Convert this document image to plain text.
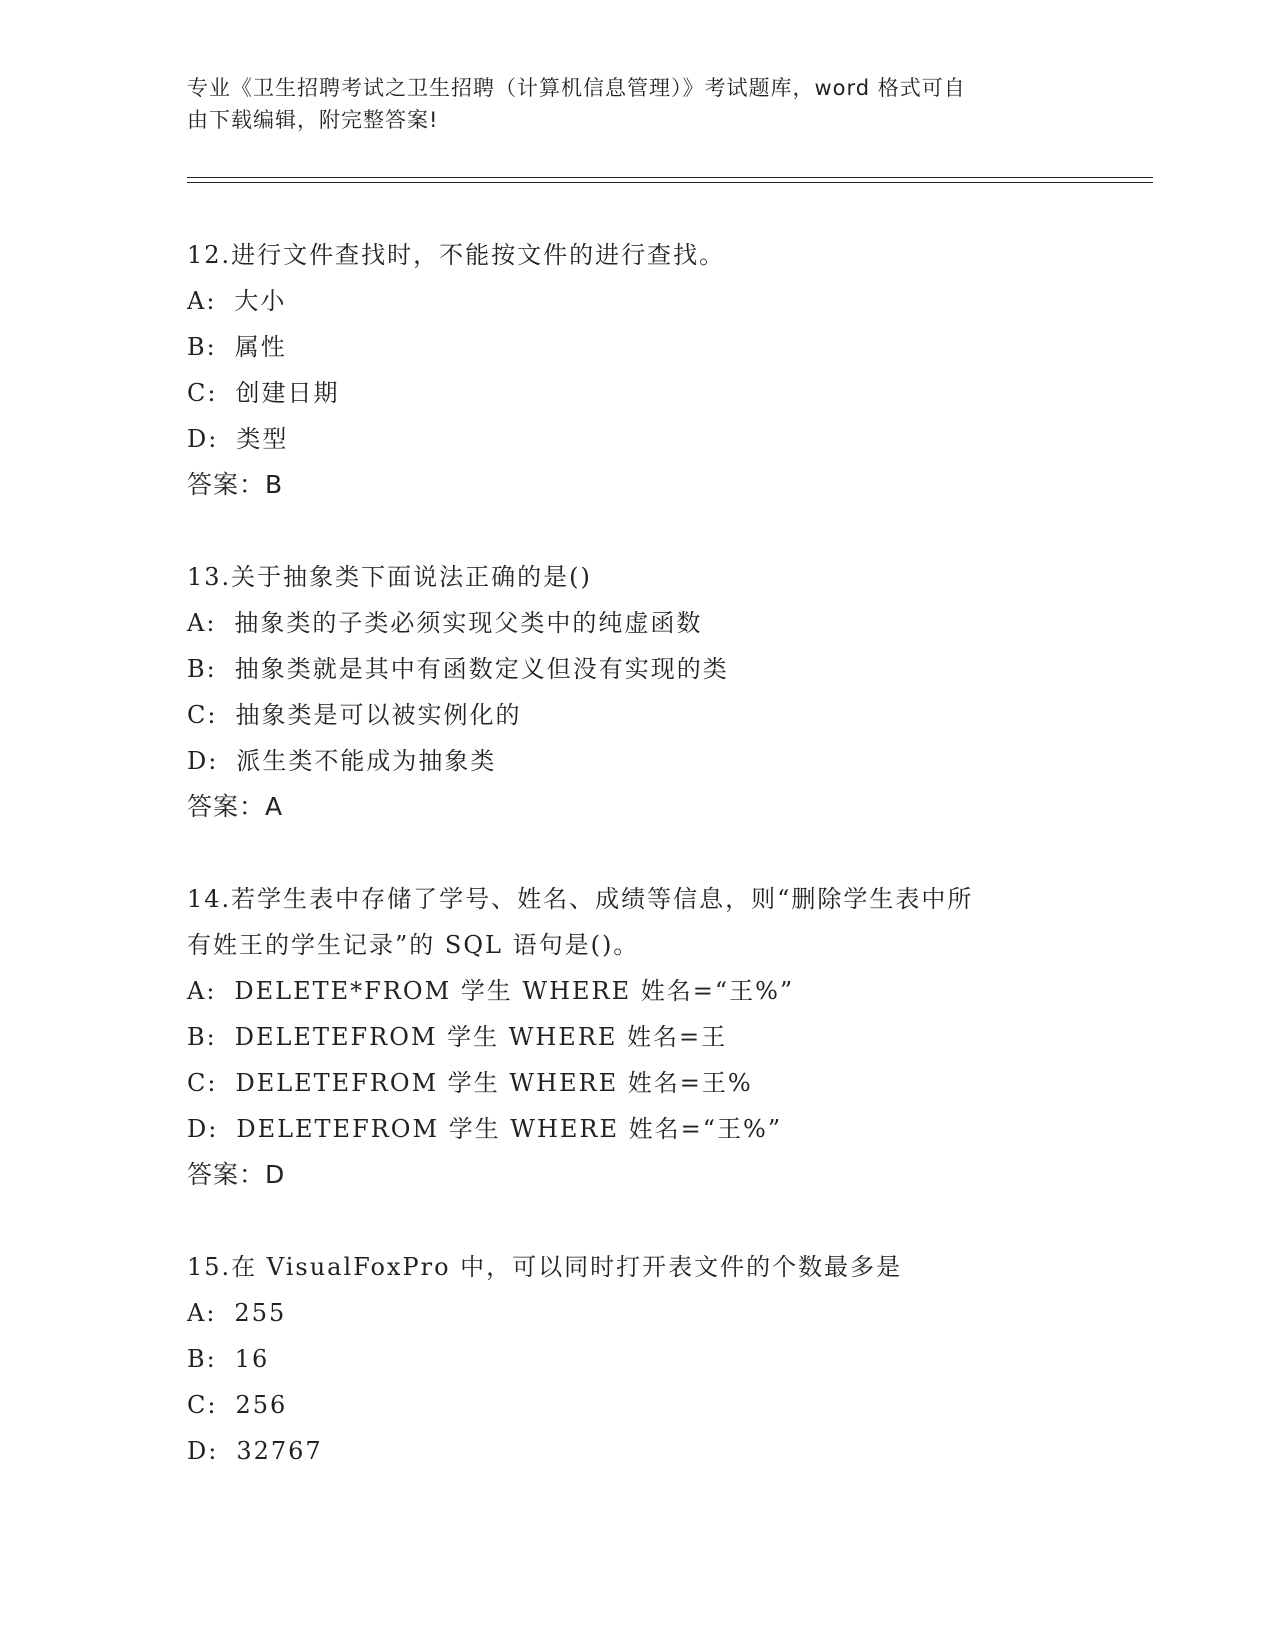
专业《卫生招聘考试之卫生招聘（计算机信息管理）》考试题库，word 格式可自
由下载编辑，附完整答案!
12.进行文件查找时，不能按文件的进行查找。
A: 大小
B: 属性
C: 创建日期
D: 类型
答案：B
13.关于抽象类下面说法正确的是()
A: 抽象类的子类必须实现父类中的纯虚函数
B: 抽象类就是其中有函数定义但没有实现的类
C: 抽象类是可以被实例化的
D: 派生类不能成为抽象类
答案：A
14.若学生表中存储了学号、姓名、成绩等信息，则“删除学生表中所
有姓王的学生记录”的 SQL 语句是()。
A: DELETE*FROM 学生 WHERE 姓名=“王%”
B: DELETEFROM 学生 WHERE 姓名=王
C: DELETEFROM 学生 WHERE 姓名=王%
D: DELETEFROM 学生 WHERE 姓名=“王%”
答案：D
15.在 VisualFoxPro 中，可以同时打开表文件的个数最多是
A: 255
B: 16
C: 256
D: 32767
